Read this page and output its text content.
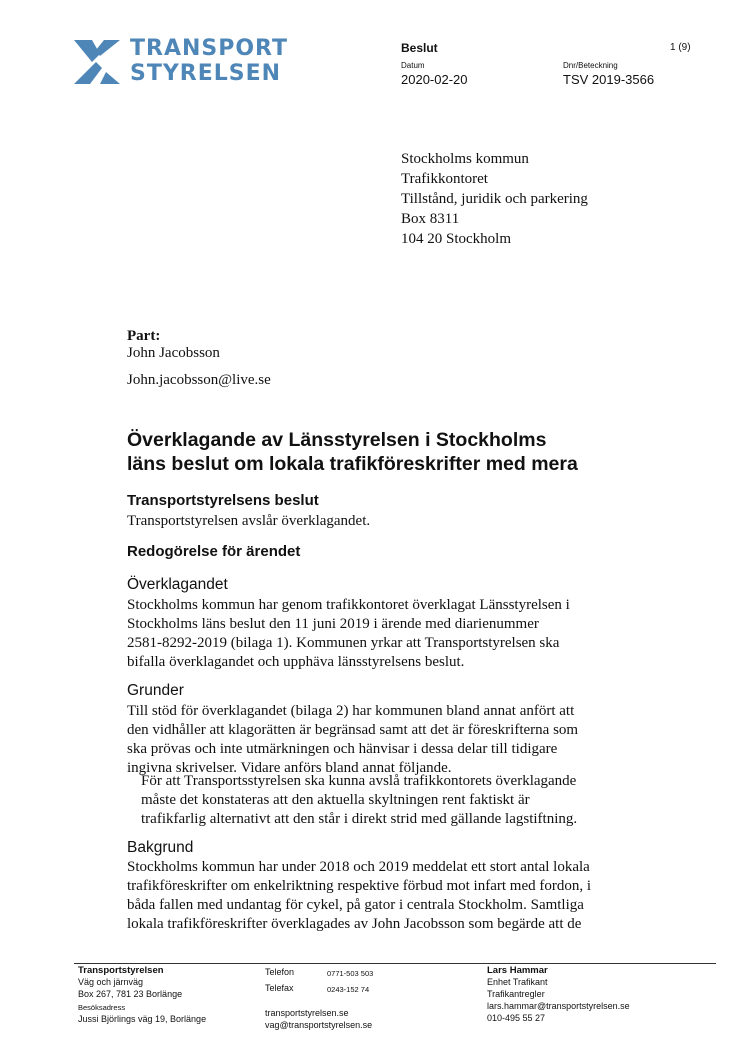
TRANSPORT
STYRELSEN
Beslut	1 (9)
Datum
2020-02-20
Dnr/Beteckning
TSV 2019-3566
Stockholms kommun
Trafikkontoret
Tillstånd, juridik och parkering
Box 8311
104 20 Stockholm
Part:
John Jacobsson
John.jacobsson@live.se
Överklagande av Länsstyrelsen i Stockholms
läns beslut om lokala trafikföreskrifter med mera
Transportstyrelsens beslut
Transportstyrelsen avslår överklagandet.
Redogörelse för ärendet
Överklagandet
Stockholms kommun har genom trafikkontoret överklagat Länsstyrelsen i
Stockholms läns beslut den 11 juni 2019 i ärende med diarienummer
2581-8292-2019 (bilaga 1). Kommunen yrkar att Transportstyrelsen ska
bifalla överklagandet och upphäva länsstyrelsens beslut.
Grunder
Till stöd för överklagandet (bilaga 2) har kommunen bland annat anfört att
den vidhåller att klagorätten är begränsad samt att det är föreskrifterna som
ska prövas och inte utmärkningen och hänvisar i dessa delar till tidigare
ingivna skrivelser. Vidare anförs bland annat följande.
För att Transportsstyrelsen ska kunna avslå trafikkontorets överklagande
måste det konstateras att den aktuella skyltningen rent faktiskt är
trafikfarlig alternativt att den står i direkt strid med gällande lagstiftning.
Bakgrund
Stockholms kommun har under 2018 och 2019 meddelat ett stort antal lokala
trafikföreskrifter om enkelriktning respektive förbud mot infart med fordon, i
båda fallen med undantag för cykel, på gator i centrala Stockholm. Samtliga
lokala trafikföreskrifter överklagades av John Jacobsson som begärde att de
Transportstyrelsen
Väg och järnväg
Box 267, 781 23 Borlänge
Besöksadress
Jussi Björlings väg 19, Borlänge
Telefon	0771-503 503
Telefax	0243-152 74
transportstyrelsen.se
vag@transportstyrelsen.se
Lars Hammar
Enhet Trafikant
Trafikantregler
lars.hammar@transportstyrelsen.se
010-495 55 27
